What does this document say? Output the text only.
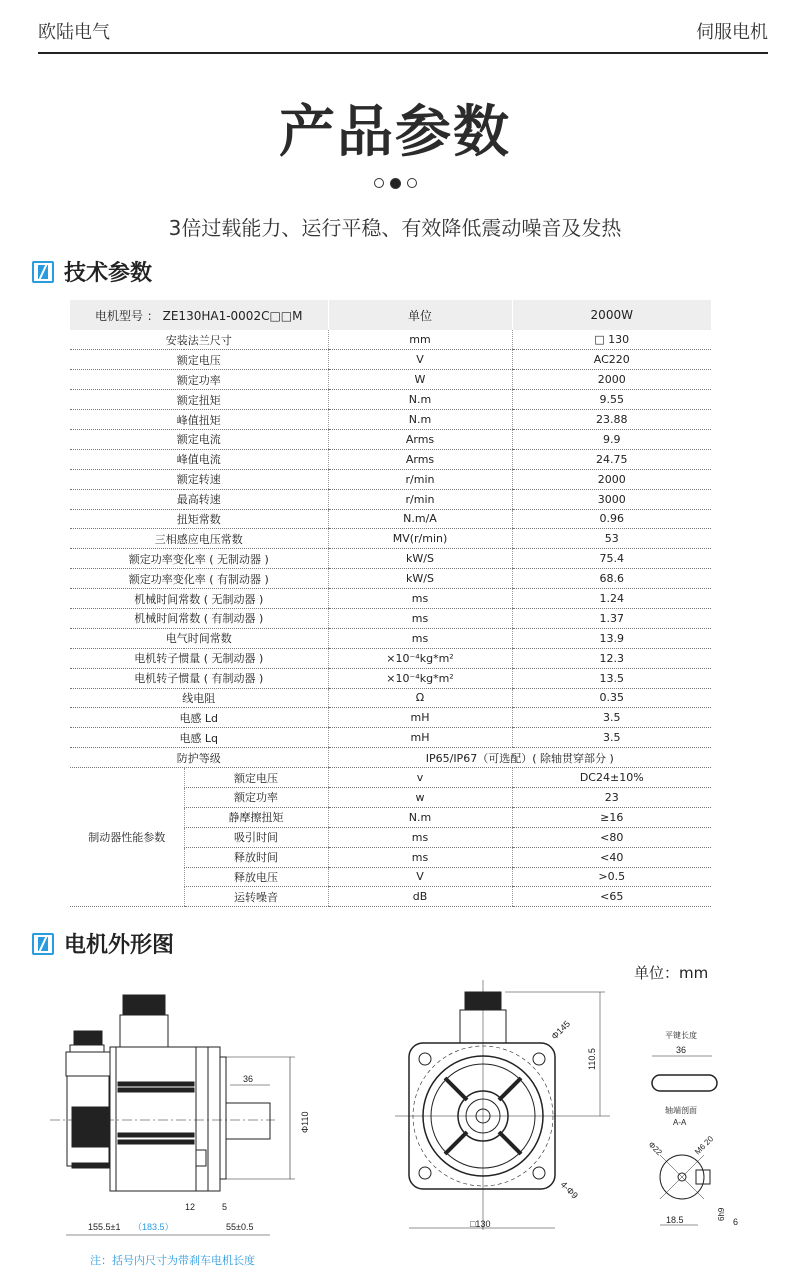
欧陆电气	伺服电机
产品参数
3倍过载能力、运行平稳、有效降低震动噪音及发热
技术参数
电机型号 ： ZE130HA1-0002C□□M		单位	2000W
安装法兰尺寸		mm	□ 130
额定电压		V	AC220
额定功率		W	2000
额定扭矩		N.m	9.55
峰值扭矩		N.m	23.88
额定电流		Arms	9.9
峰值电流		Arms	24.75
额定转速		r/min	2000
最高转速		r/min	3000
扭矩常数		N.m/A	0.96
三相感应电压常数		MV(r/min)	53
额定功率变化率 ( 无制动器 )		kW/S	75.4
额定功率变化率 ( 有制动器 )		kW/S	68.6
机械时间常数 ( 无制动器 )		ms	1.24
机械时间常数 ( 有制动器 )		ms	1.37
电气时间常数		ms	13.9
电机转子惯量 ( 无制动器 )		×10⁻⁴kg*m²	12.3
电机转子惯量 ( 有制动器 )		×10⁻⁴kg*m²	13.5
线电阻		Ω	0.35
电感 Ld		mH	3.5
电感 Lq		mH	3.5
防护等级		IP65/IP67（可选配）( 除轴贯穿部分 )	
制动器性能参数	额定电压	v	DC24±10%
	额定功率	w	23
	静摩擦扭矩	N.m	≥16
	吸引时间	ms	<80
	释放时间	ms	<40
	释放电压	V	>0.5
	运转噪音	dB	<65
电机外形图
单位：mm
36
12	5
155.5±1 （183.5）	55±0.5
Φ110
Φ145
110.5
4-Φ9
□130
平键长度
36
轴端剖面
A-A
Φ22	M6 20
18.5	6h9
6
注：括号内尺寸为带刹车电机长度
